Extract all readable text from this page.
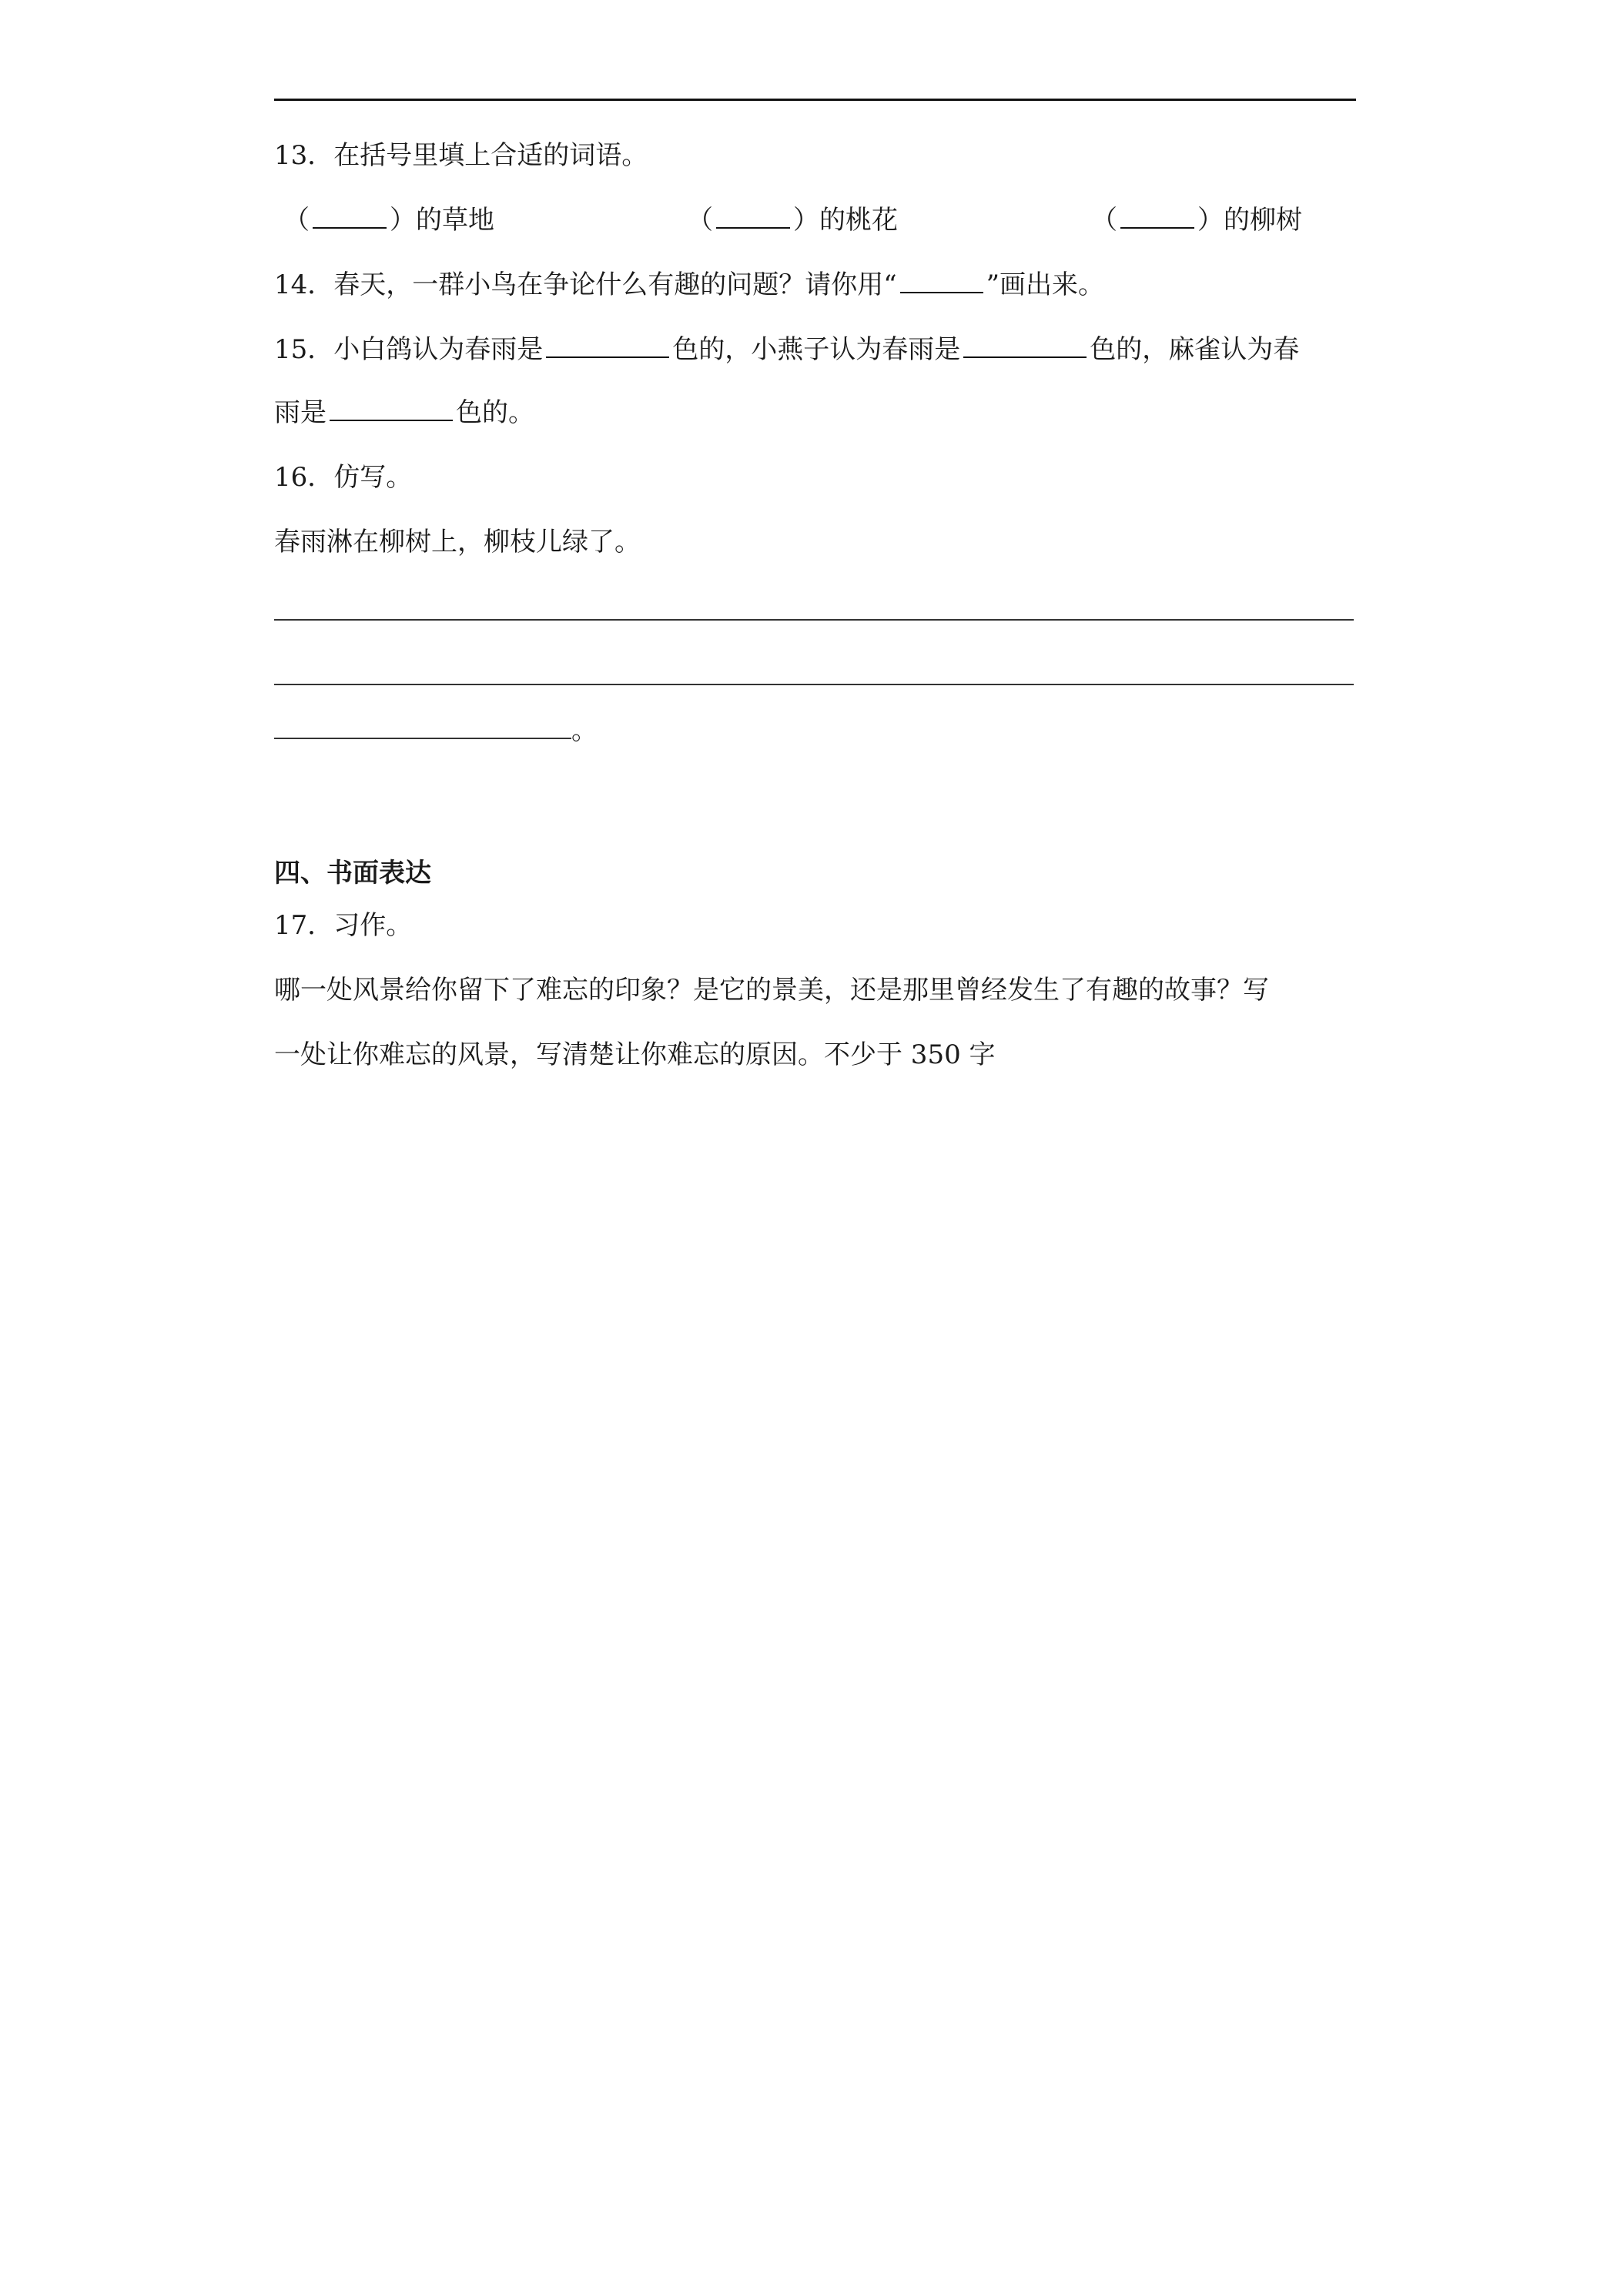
13．在括号里填上合适的词语。
（	）的草地	（	）的桃花	（	）的柳树
14．春天，一群小鸟在争论什么有趣的问题？请你用“	”画出来。
15．小白鸽认为春雨是	色的，小燕子认为春雨是	色的，麻雀认为春
雨是	色的。
16．仿写。
春雨淋在柳树上，柳枝儿绿了。
。
四、书面表达
17．习作。
哪一处风景给你留下了难忘的印象？是它的景美，还是那里曾经发生了有趣的故事？写
一处让你难忘的风景，写清楚让你难忘的原因。不少于 350 字
